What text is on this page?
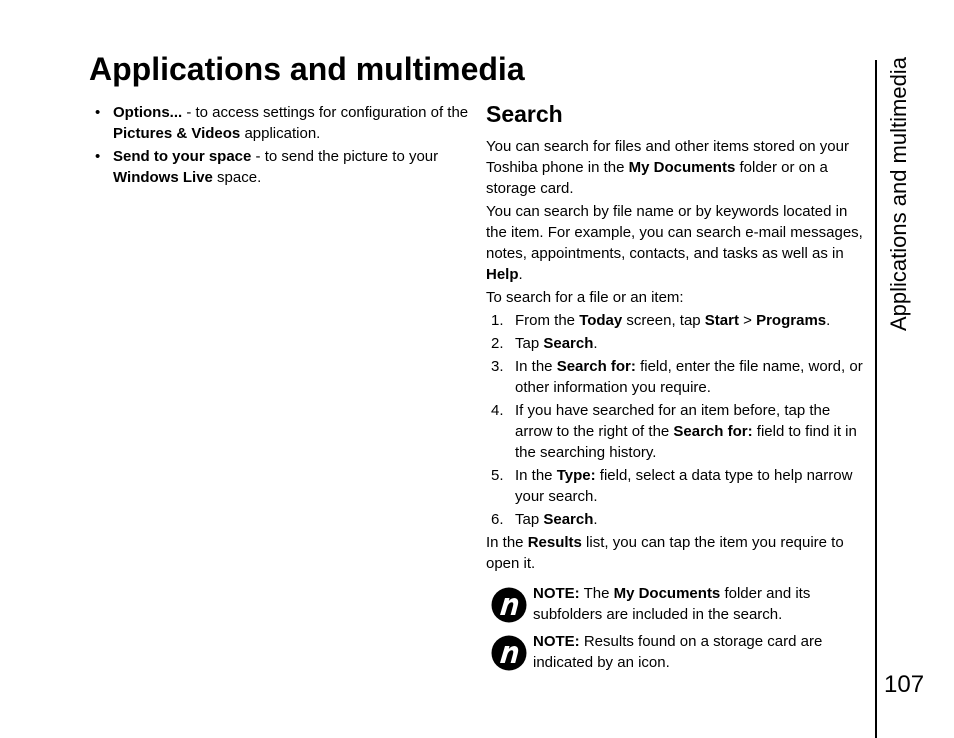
Applications and multimedia
• Options... - to access settings for configuration of the Pictures & Videos application.
• Send to your space - to send the picture to your Windows Live space.
Search

You can search for files and other items stored on your Toshiba phone in the My Documents folder or on a storage card.

You can search by file name or by keywords located in the item. For example, you can search e-mail messages, notes, appointments, contacts, and tasks as well as in Help.

To search for a file or an item:

1. From the Today screen, tap Start > Programs.
2. Tap Search.
3. In the Search for: field, enter the file name, word, or other information you require.
4. If you have searched for an item before, tap the arrow to the right of the Search for: field to find it in the searching history.
5. In the Type: field, select a data type to help narrow your search.
6. Tap Search.

In the Results list, you can tap the item you require to open it.

NOTE: The My Documents folder and its subfolders are included in the search.
NOTE: Results found on a storage card are indicated by an icon.
Applications and multimedia
107
